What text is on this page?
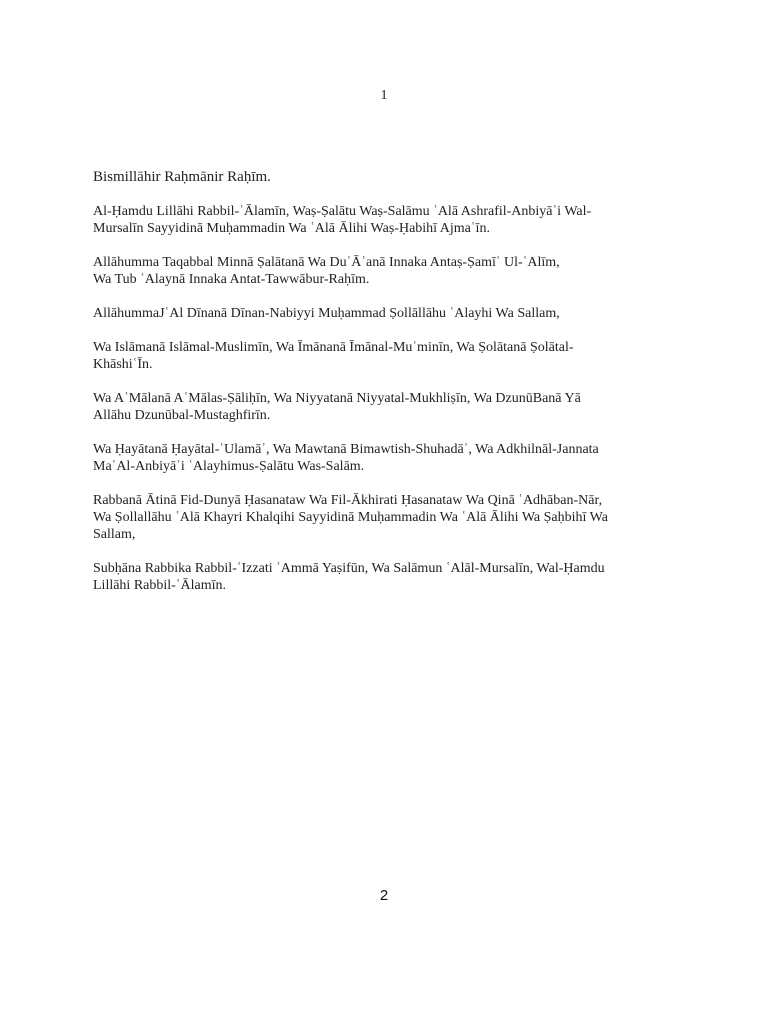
1

Bismillāhir Raḥmānir Raḥīm.

Al-Ḥamdu Lillāhi Rabbil-ʿĀlamīn, Waṣ-Ṣalātu Waṣ-Salāmu ʿAlā Ashrafil-Anbiyāʾi Wal-
Mursalīn Sayyidinā Muḥammadin Wa ʿAlā Ālihi Waṣ-Ḥabihī Ajmaʿīn.

Allāhumma Taqabbal Minnā Ṣalātanā Wa DuʿĀʾanā Innaka Antaṣ-Ṣamīʿ Ul-ʿAlīm,
Wa Tub ʿAlaynā Innaka Antat-Tawwābur-Raḥīm.

AllāhummaJʿAl Dīnanā Dīnan-Nabiyyi Muḥammad Ṣollāllāhu ʿAlayhi Wa Sallam,

Wa Islāmanā Islāmal-Muslimīn, Wa Īmānanā Īmānal-Muʾminīn, Wa Ṣolātanā Ṣolātal-
KhāshiʿĪn.

Wa AʿMālanā AʿMālas-Ṣāliḥīn, Wa Niyyatanā Niyyatal-Mukhliṣīn, Wa DzunūBanā Yā
Allāhu Dzunūbal-Mustaghfirīn.

Wa Ḥayātanā Ḥayātal-ʿUlamāʾ, Wa Mawtanā Bimawtish-Shuhadāʾ, Wa Adkhilnāl-Jannata
MaʿAl-Anbiyāʾi ʿAlayhimus-Ṣalātu Was-Salām.

Rabbanā Ātinā Fid-Dunyā Ḥasanataw Wa Fil-Ākhirati Ḥasanataw Wa Qinā ʿAdhāban-Nār,
Wa Ṣollallāhu ʿAlā Khayri Khalqihi Sayyidinā Muḥammadin Wa ʿAlā Ālihi Wa Ṣaḥbihī Wa
Sallam,

Subḥāna Rabbika Rabbil-ʿIzzati ʿAmmā Yaṣifūn, Wa Salāmun ʿAlāl-Mursalīn, Wal-Ḥamdu
Lillāhi Rabbil-ʿĀlamīn.

2
